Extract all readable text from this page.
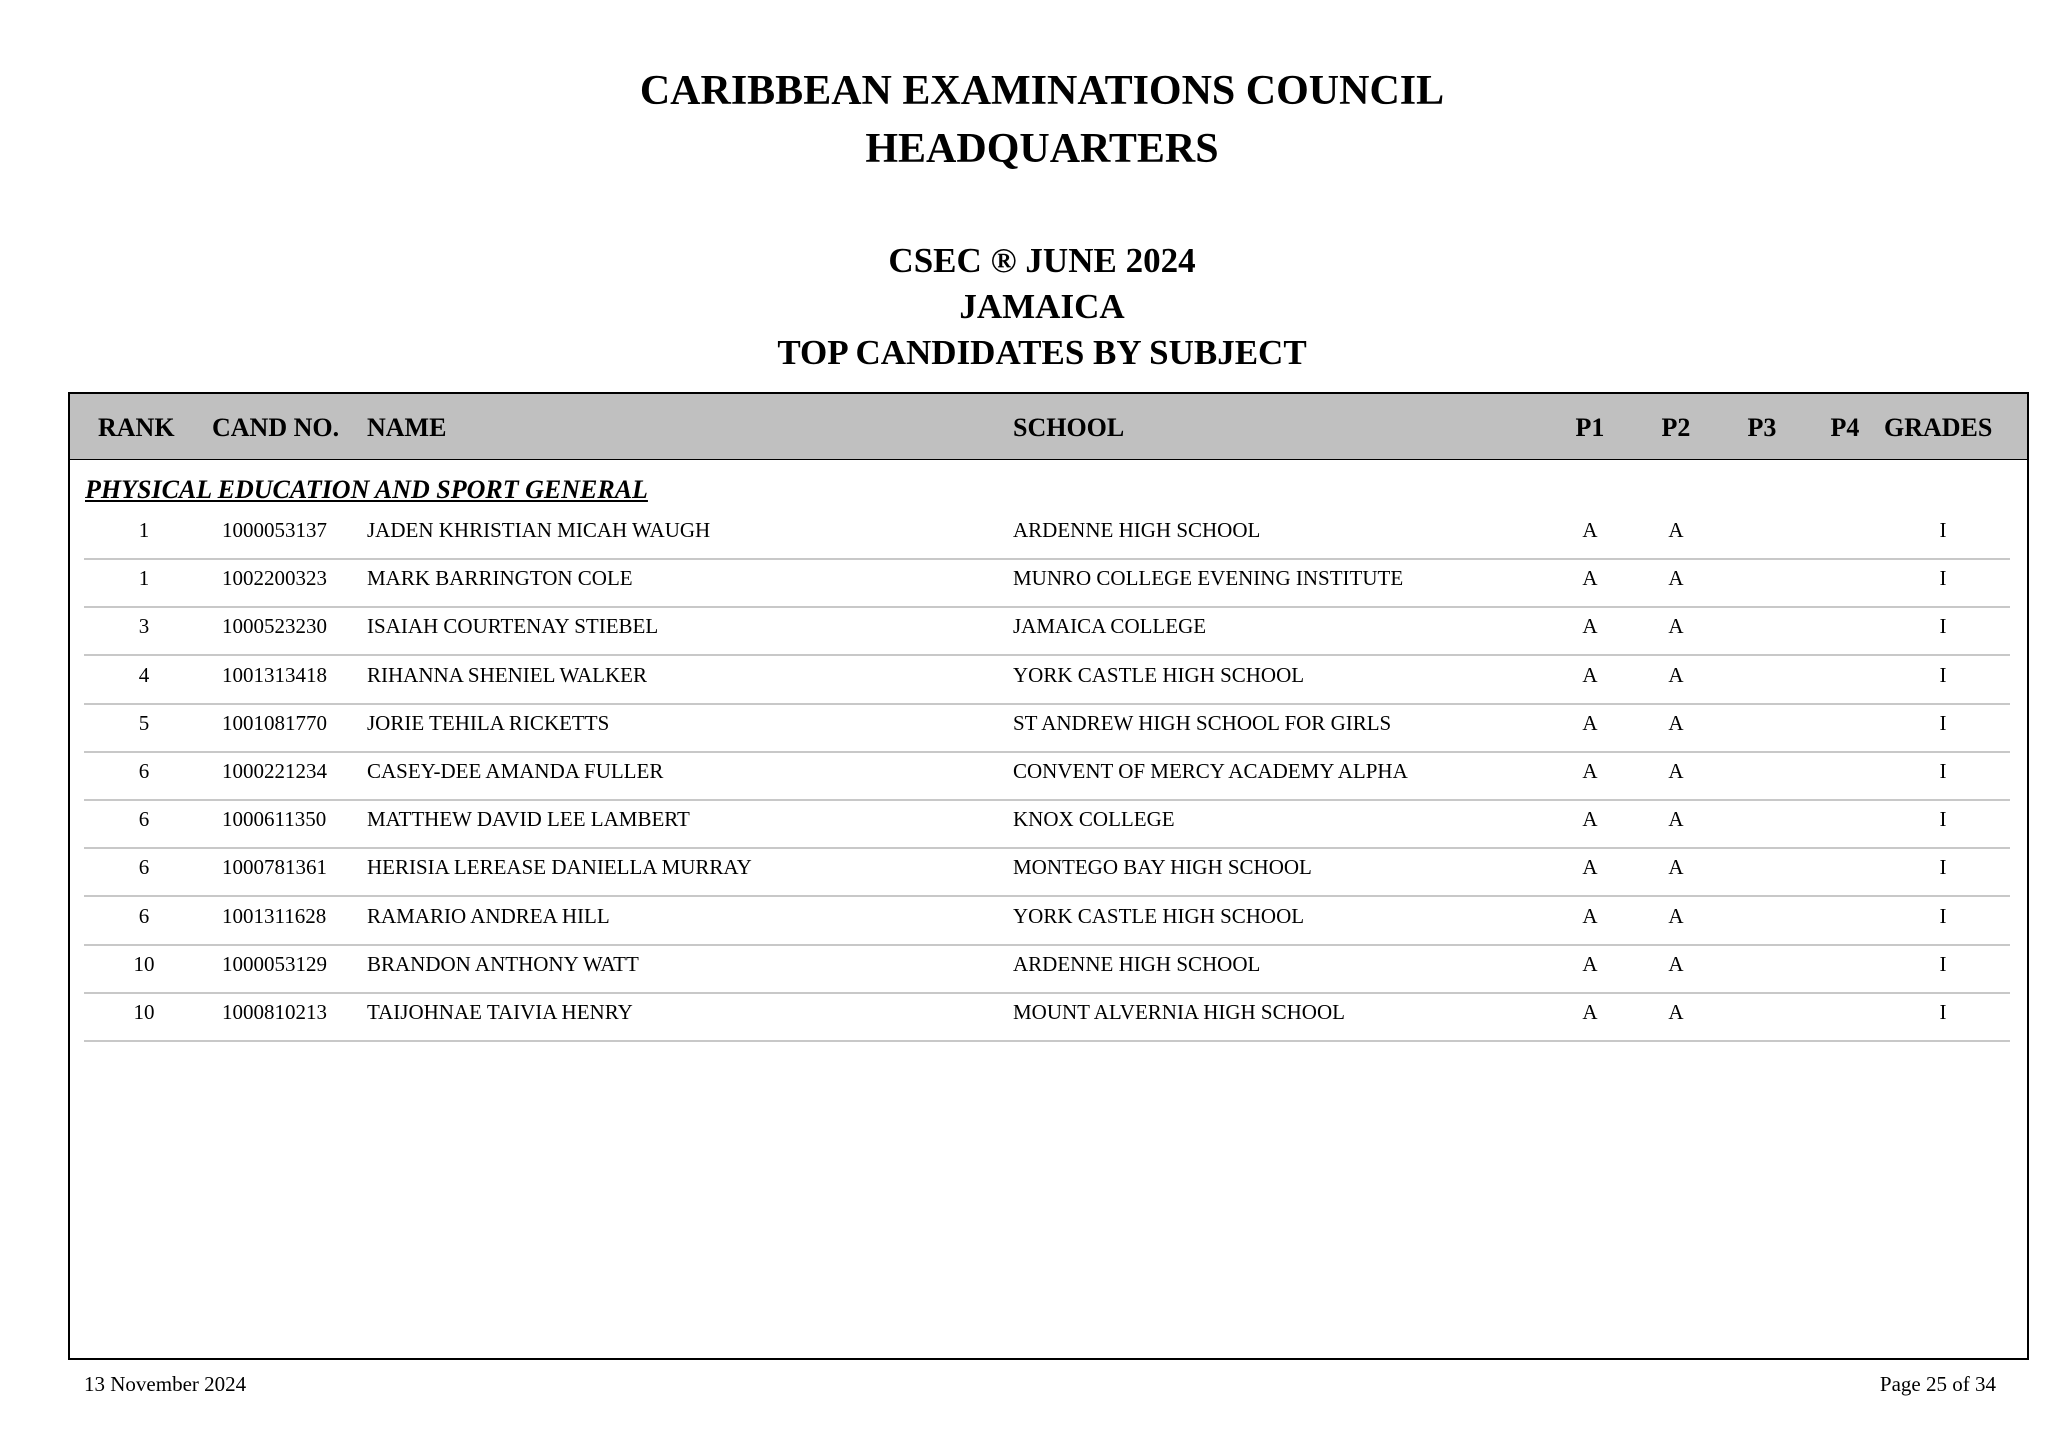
CARIBBEAN EXAMINATIONS COUNCIL
HEADQUARTERS
CSEC ® JUNE 2024
JAMAICA
TOP CANDIDATES BY SUBJECT
RANK CAND NO. NAME	SCHOOL	P1	P2	P3	P4 GRADES
PHYSICAL EDUCATION AND SPORT GENERAL
1	1000053137 JADEN KHRISTIAN MICAH WAUGH	ARDENNE HIGH SCHOOL	A	A	I
1	1002200323 MARK BARRINGTON COLE	MUNRO COLLEGE EVENING INSTITUTE	A	A	I
3	1000523230 ISAIAH COURTENAY STIEBEL	JAMAICA COLLEGE	A	A	I
4	1001313418 RIHANNA SHENIEL WALKER	YORK CASTLE HIGH SCHOOL	A	A	I
5	1001081770 JORIE TEHILA RICKETTS	ST ANDREW HIGH SCHOOL FOR GIRLS	A	A	I
6	1000221234 CASEY-DEE AMANDA FULLER	CONVENT OF MERCY ACADEMY ALPHA	A	A	I
6	1000611350 MATTHEW DAVID LEE LAMBERT	KNOX COLLEGE	A	A	I
6	1000781361 HERISIA LEREASE DANIELLA MURRAY	MONTEGO BAY HIGH SCHOOL	A	A	I
6	1001311628 RAMARIO ANDREA HILL	YORK CASTLE HIGH SCHOOL	A	A	I
10	1000053129 BRANDON ANTHONY WATT	ARDENNE HIGH SCHOOL	A	A	I
10	1000810213 TAIJOHNAE TAIVIA HENRY	MOUNT ALVERNIA HIGH SCHOOL	A	A	I
13 November 2024	Page 25 of 34
